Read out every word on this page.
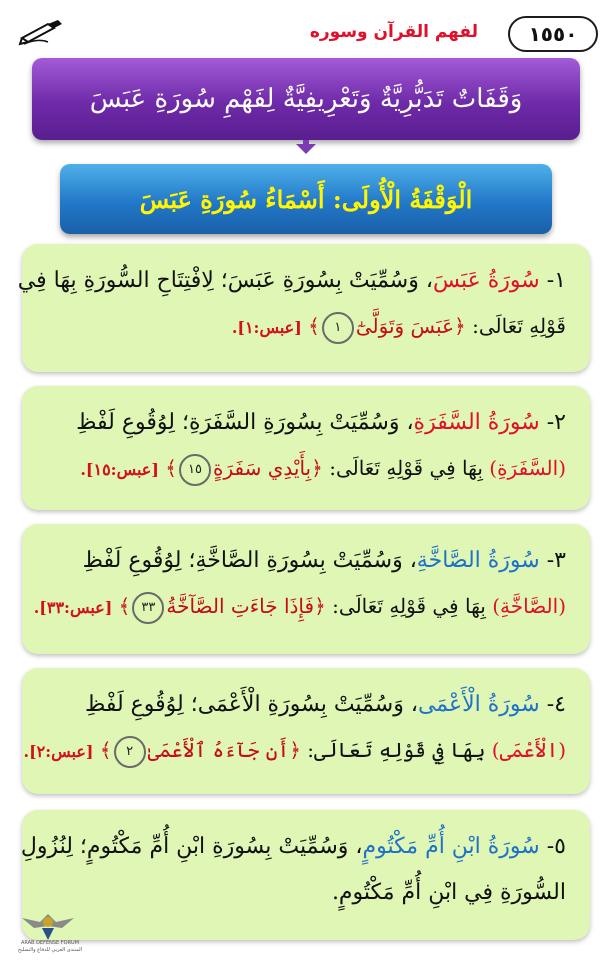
١٥٥٠
لفهم القرآن وسوره
وَقَفَاتٌ تَدَبُّرِيَّةٌ وَتَعْرِيفِيَّةٌ لِفَهْمِ سُورَةِ عَبَسَ
الْوَقْفَةُ الْأُولَى: أَسْمَاءُ سُورَةِ عَبَسَ
١- سُورَةُ عَبَسَ، وَسُمِّيَتْ بِسُورَةِ عَبَسَ؛ لِافْتِتَاحِ السُّورَةِ بِهَا فِي
قَوْلِهِ تَعَالَى: ﴿عَبَسَ وَتَوَلَّىٰٓ١﴾ [عبس:١].
٢- سُورَةُ السَّفَرَةِ، وَسُمِّيَتْ بِسُورَةِ السَّفَرَةِ؛ لِوُقُوعِ لَفْظِ
(السَّفَرَةِ) بِهَا فِي قَوْلِهِ تَعَالَى: ﴿بِأَيْدِي سَفَرَةٍ١٥﴾ [عبس:١٥].
٣- سُورَةُ الصَّاخَّةِ، وَسُمِّيَتْ بِسُورَةِ الصَّاخَّةِ؛ لِوُقُوعِ لَفْظِ
(الصَّاخَّةِ) بِهَا فِي قَوْلِهِ تَعَالَى: ﴿فَإِذَا جَاءَتِ الصَّآخَّةُ٣٣﴾ [عبس:٣٣].
٤- سُورَةُ الْأَعْمَى، وَسُمِّيَتْ بِسُورَةِ الْأَعْمَى؛ لِوُقُوعِ لَفْظِ
(الْأَعْمَى) بِهَا فِي قَوْلِهِ تَعَالَى: ﴿أَن جَآءَهُ ٱلْأَعْمَىٰ٢﴾ [عبس:٢].
٥- سُورَةُ ابْنِ أُمِّ مَكْتُومٍ، وَسُمِّيَتْ بِسُورَةِ ابْنِ أُمِّ مَكْتُومٍ؛ لِنُزُولِ
السُّورَةِ فِي ابْنِ أُمِّ مَكْتُومٍ.
ARAB DEFENSE FORUM
المنتدى العربي للدفاع والتسليح
